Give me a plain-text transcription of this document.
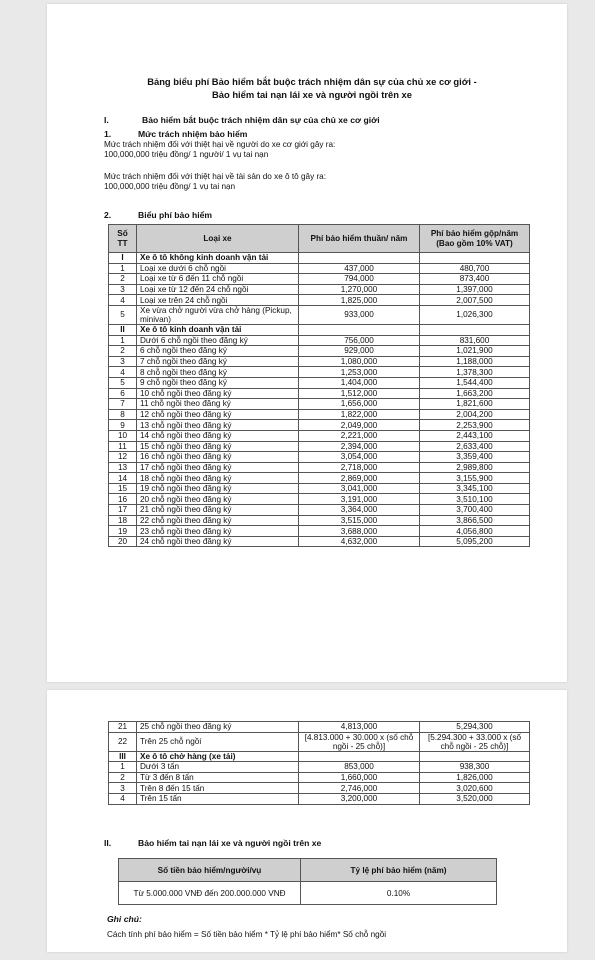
Bảng biểu phí Bảo hiểm bắt buộc trách nhiệm dân sự của chủ xe cơ giới -
Bảo hiểm tai nạn lái xe và người ngồi trên xe
I.	Bảo hiểm bắt buộc trách nhiệm dân sự của chủ xe cơ giới
1.	Mức trách nhiệm bảo hiểm
Mức trách nhiệm đối với thiệt hại về người do xe cơ giới gây ra:
100,000,000 triệu đồng/ 1 người/ 1 vụ tai nạn
Mức trách nhiệm đối với thiệt hại về tài sản do xe ô tô gây ra:
100,000,000 triệu đồng/ 1 vụ tai nạn
2.	Biểu phí bảo hiểm
Số TT	Loại xe	Phí bảo hiểm thuần/ năm	Phí bảo hiểm gộp/năm (Bao gồm 10% VAT)
I	Xe ô tô không kinh doanh vận tải		
1	Loại xe dưới 6 chỗ ngồi	437,000	480,700
2	Loại xe từ 6 đến 11 chỗ ngồi	794,000	873,400
3	Loại xe từ 12 đến 24 chỗ ngồi	1,270,000	1,397,000
4	Loại xe trên 24 chỗ ngồi	1,825,000	2,007,500
5	Xe vừa chở người vừa chở hàng (Pickup, minivan)	933,000	1,026,300
II	Xe ô tô kinh doanh vận tải		
1	Dưới 6 chỗ ngồi theo đăng ký	756,000	831,600
2	6 chỗ ngồi theo đăng ký	929,000	1,021,900
3	7 chỗ ngồi theo đăng ký	1,080,000	1,188,000
4	8 chỗ ngồi theo đăng ký	1,253,000	1,378,300
5	9 chỗ ngồi theo đăng ký	1,404,000	1,544,400
6	10 chỗ ngồi theo đăng ký	1,512,000	1,663,200
7	11 chỗ ngồi theo đăng ký	1,656,000	1,821,600
8	12 chỗ ngồi theo đăng ký	1,822,000	2,004,200
9	13 chỗ ngồi theo đăng ký	2,049,000	2,253,900
10	14 chỗ ngồi theo đăng ký	2,221,000	2,443,100
11	15 chỗ ngồi theo đăng ký	2,394,000	2,633,400
12	16 chỗ ngồi theo đăng ký	3,054,000	3,359,400
13	17 chỗ ngồi theo đăng ký	2,718,000	2,989,800
14	18 chỗ ngồi theo đăng ký	2,869,000	3,155,900
15	19 chỗ ngồi theo đăng ký	3,041,000	3,345,100
16	20 chỗ ngồi theo đăng ký	3,191,000	3,510,100
17	21 chỗ ngồi theo đăng ký	3,364,000	3,700,400
18	22 chỗ ngồi theo đăng ký	3,515,000	3,866,500
19	23 chỗ ngồi theo đăng ký	3,688,000	4,056,800
20	24 chỗ ngồi theo đăng ký	4,632,000	5,095,200
21	25 chỗ ngồi theo đăng ký	4,813,000	5,294,300
22	Trên 25 chỗ ngồi	[4.813.000 + 30.000 x (số chỗ ngồi - 25 chỗ)]	[5.294.300 + 33.000 x (số chỗ ngồi - 25 chỗ)]
III	Xe ô tô chở hàng (xe tải)		
1	Dưới 3 tấn	853,000	938,300
2	Từ 3 đến 8 tấn	1,660,000	1,826,000
3	Trên 8 đến 15 tấn	2,746,000	3,020,600
4	Trên 15 tấn	3,200,000	3,520,000
II.	Bảo hiểm tai nạn lái xe và người ngồi trên xe
Số tiền bảo hiểm/người/vụ	Tỷ lệ phí bảo hiểm (năm)
Từ 5.000.000 VNĐ đến 200.000.000 VNĐ	0.10%
Ghi chú:
Cách tính phí bảo hiểm = Số tiền bảo hiểm * Tỷ lệ phí bảo hiểm* Số chỗ ngồi
